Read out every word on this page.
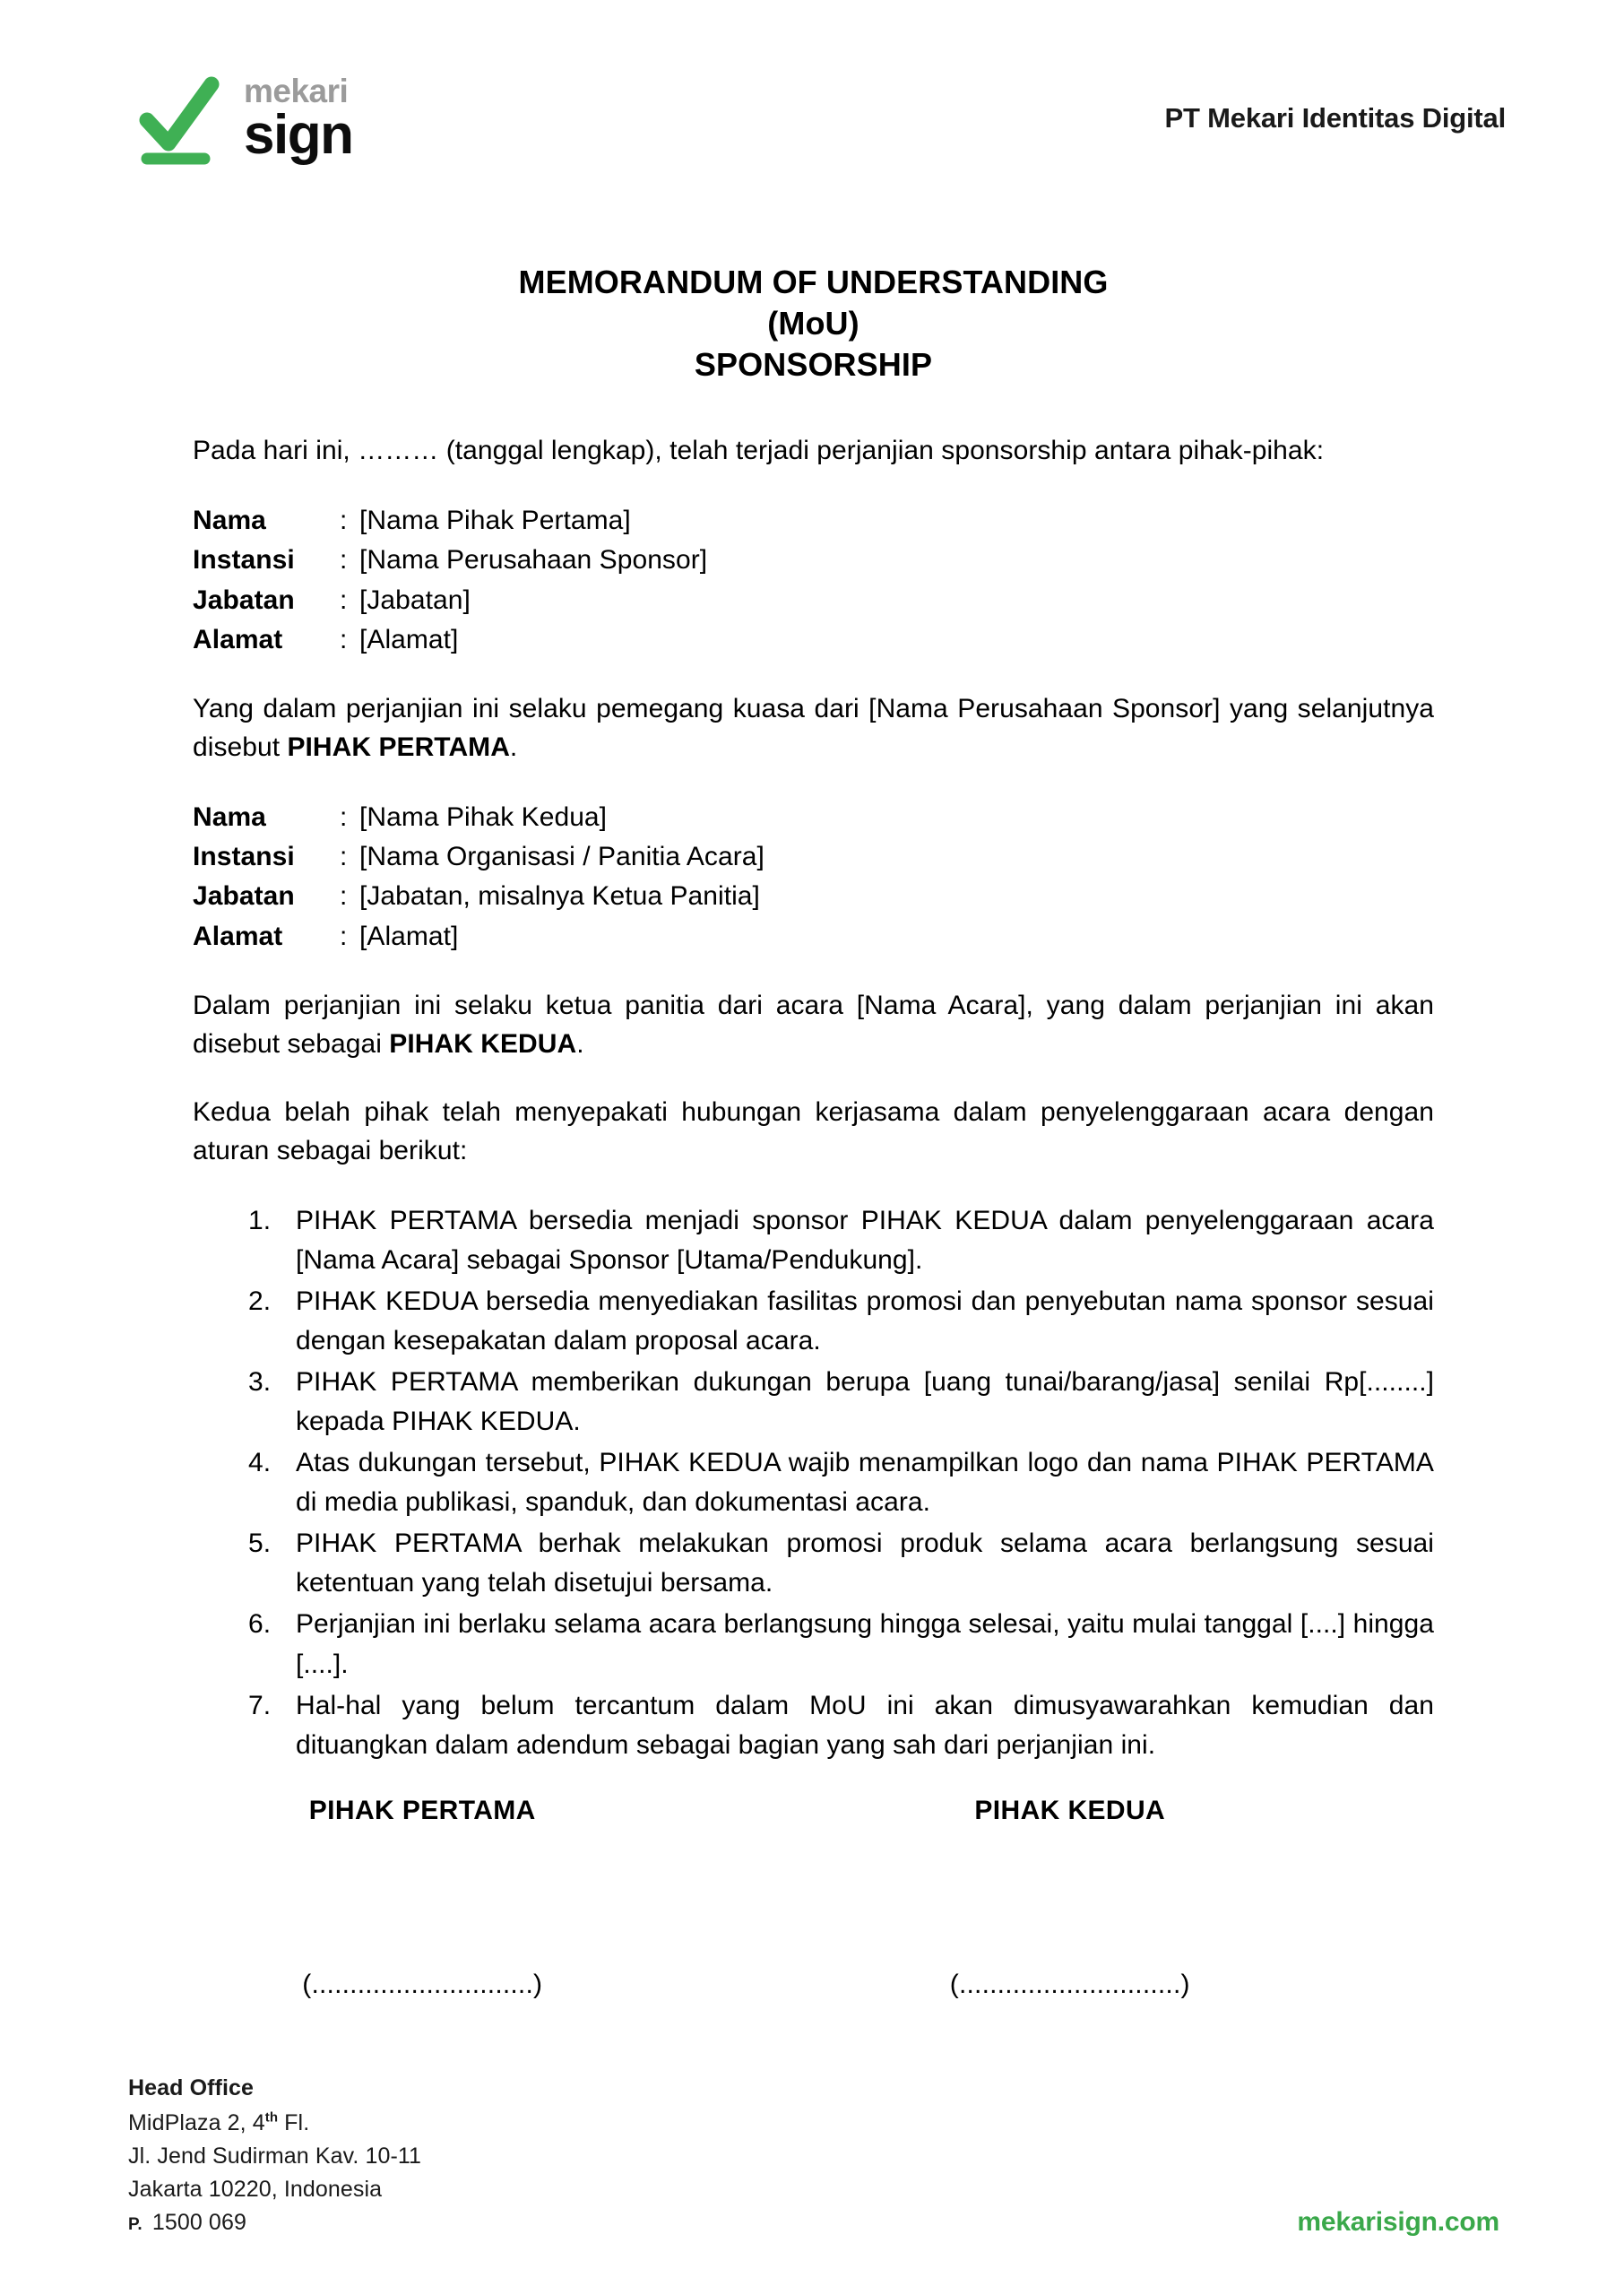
mekari
sign	PT Mekari Identitas Digital
MEMORANDUM OF UNDERSTANDING
(MoU)
SPONSORSHIP

Pada hari ini, ……… (tanggal lengkap), telah terjadi perjanjian sponsorship antara pihak-pihak:

Nama	: [Nama Pihak Pertama]
Instansi	: [Nama Perusahaan Sponsor]
Jabatan	: [Jabatan]
Alamat	: [Alamat]

Yang dalam perjanjian ini selaku pemegang kuasa dari [Nama Perusahaan Sponsor] yang selanjutnya disebut PIHAK PERTAMA.

Nama	: [Nama Pihak Kedua]
Instansi	: [Nama Organisasi / Panitia Acara]
Jabatan	: [Jabatan, misalnya Ketua Panitia]
Alamat	: [Alamat]

Dalam perjanjian ini selaku ketua panitia dari acara [Nama Acara], yang dalam perjanjian ini akan disebut sebagai PIHAK KEDUA.

Kedua belah pihak telah menyepakati hubungan kerjasama dalam penyelenggaraan acara dengan aturan sebagai berikut:

PIHAK PERTAMA bersedia menjadi sponsor PIHAK KEDUA dalam penyelenggaraan acara [Nama Acara] sebagai Sponsor [Utama/Pendukung].
PIHAK KEDUA bersedia menyediakan fasilitas promosi dan penyebutan nama sponsor sesuai dengan kesepakatan dalam proposal acara.
PIHAK PERTAMA memberikan dukungan berupa [uang tunai/barang/jasa] senilai Rp[........] kepada PIHAK KEDUA.
Atas dukungan tersebut, PIHAK KEDUA wajib menampilkan logo dan nama PIHAK PERTAMA di media publikasi, spanduk, dan dokumentasi acara.
PIHAK PERTAMA berhak melakukan promosi produk selama acara berlangsung sesuai ketentuan yang telah disetujui bersama.
Perjanjian ini berlaku selama acara berlangsung hingga selesai, yaitu mulai tanggal [....] hingga [....].
Hal-hal yang belum tercantum dalam MoU ini akan dimusyawarahkan kemudian dan dituangkan dalam adendum sebagai bagian yang sah dari perjanjian ini.
PIHAK PERTAMA	PIHAK KEDUA
(.............................)	(.............................)
Head Office
MidPlaza 2, 4th Fl.
Jl. Jend Sudirman Kav. 10-11
Jakarta 10220, Indonesia
P.  1500 069	mekarisign.com
